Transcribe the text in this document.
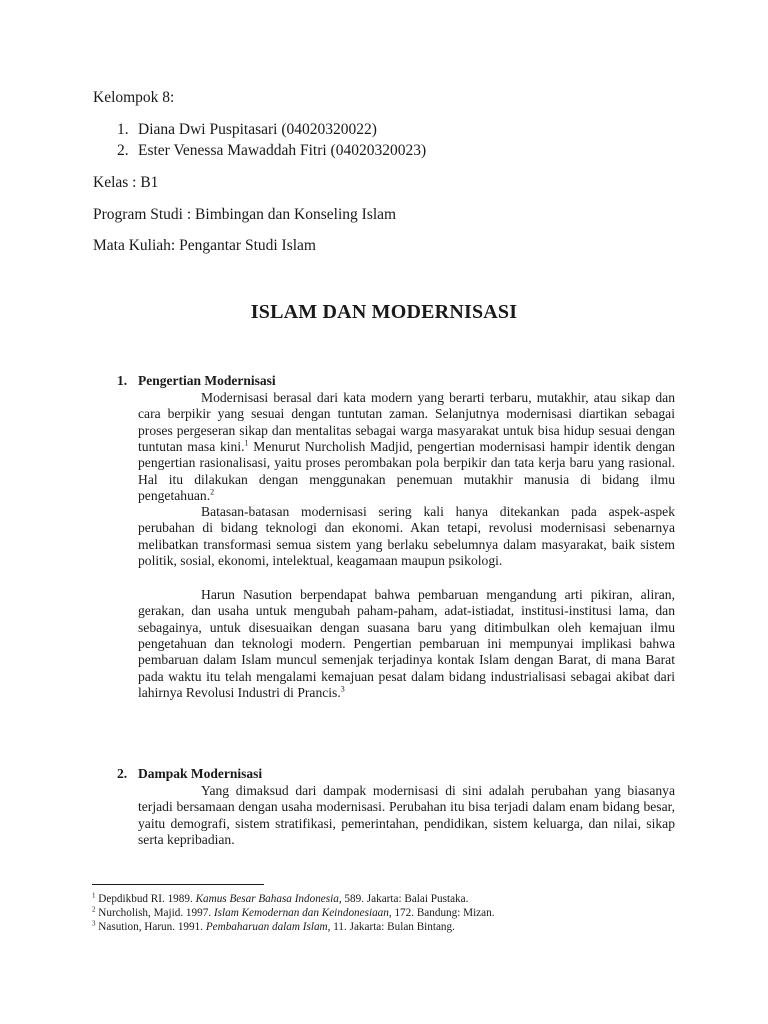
Kelompok 8:
1. Diana Dwi Puspitasari (04020320022)
2. Ester Venessa Mawaddah Fitri (04020320023)
Kelas : B1
Program Studi : Bimbingan dan Konseling Islam
Mata Kuliah: Pengantar Studi Islam
ISLAM DAN MODERNISASI
1. Pengertian Modernisasi

Modernisasi berasal dari kata modern yang berarti terbaru, mutakhir, atau sikap dan cara berpikir yang sesuai dengan tuntutan zaman. Selanjutnya modernisasi diartikan sebagai proses pergeseran sikap dan mentalitas sebagai warga masyarakat untuk bisa hidup sesuai dengan tuntutan masa kini.$^1$ Menurut Nurcholish Madjid, pengertian modernisasi hampir identik dengan pengertian rasionalisasi, yaitu proses perombakan pola berpikir dan tata kerja baru yang rasional. Hal itu dilakukan dengan menggunakan penemuan mutakhir manusia di bidang ilmu pengetahuan.$^2$

Batasan-batasan modernisasi sering kali hanya ditekankan pada aspek-aspek perubahan di bidang teknologi dan ekonomi. Akan tetapi, revolusi modernisasi sebenarnya melibatkan transformasi semua sistem yang berlaku sebelumnya dalam masyarakat, baik sistem politik, sosial, ekonomi, intelektual, keagamaan maupun psikologi.

Harun Nasution berpendapat bahwa pembaruan mengandung arti pikiran, aliran, gerakan, dan usaha untuk mengubah paham-paham, adat-istiadat, institusi-institusi lama, dan sebagainya, untuk disesuaikan dengan suasana baru yang ditimbulkan oleh kemajuan ilmu pengetahuan dan teknologi modern. Pengertian pembaruan ini mempunyai implikasi bahwa pembaruan dalam Islam muncul semenjak terjadinya kontak Islam dengan Barat, di mana Barat pada waktu itu telah mengalami kemajuan pesat dalam bidang industrialisasi sebagai akibat dari lahirnya Revolusi Industri di Prancis.$^3$

2. Dampak Modernisasi

Yang dimaksud dari dampak modernisasi di sini adalah perubahan yang biasanya terjadi bersamaan dengan usaha modernisasi. Perubahan itu bisa terjadi dalam enam bidang besar, yaitu demografi, sistem stratifikasi, pemerintahan, pendidikan, sistem keluarga, dan nilai, sikap serta kepribadian.

$^1$ Depdikbud RI. 1989. Kamus Besar Bahasa Indonesia, 589. Jakarta: Balai Pustaka.
$^2$ Nurcholish, Majid. 1997. Islam Kemodernan dan Keindonesiaan, 172. Bandung: Mizan.
$^3$ Nasution, Harun. 1991. Pembaharuan dalam Islam, 11. Jakarta: Bulan Bintang.
